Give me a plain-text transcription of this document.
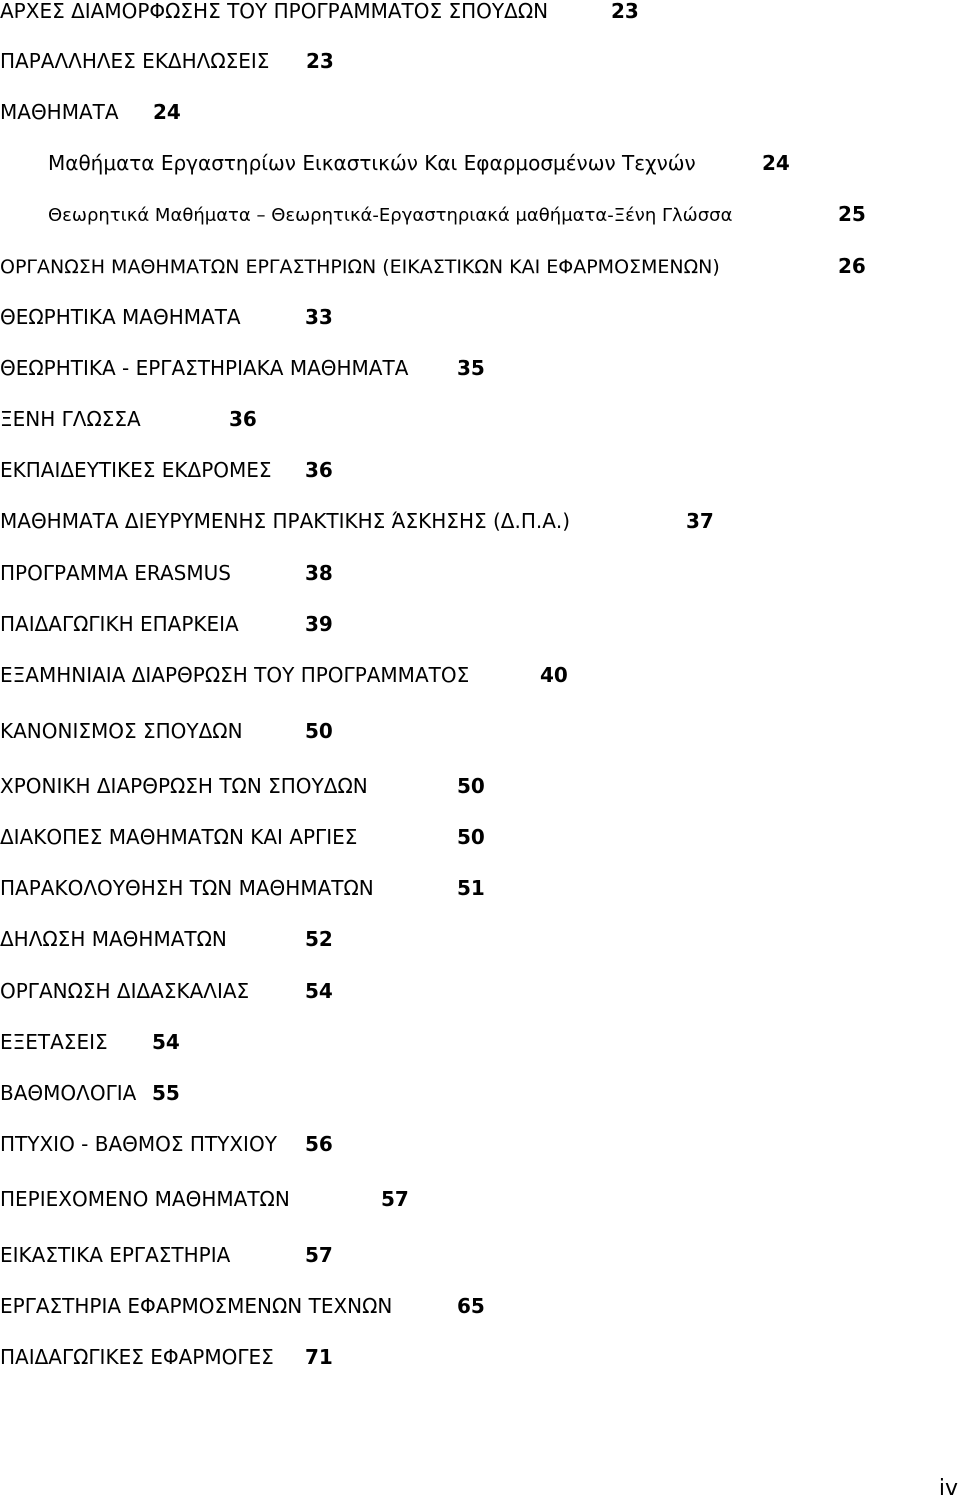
ΑΡΧΕΣ ΔΙΑΜΟΡΦΩΣΗΣ ΤΟΥ ΠΡΟΓΡΑΜΜΑΤΟΣ ΣΠΟΥΔΩΝ	23
ΠΑΡΑΛΛΗΛΕΣ ΕΚΔΗΛΩΣΕΙΣ 23
ΜΑΘΗΜΑΤΑ 24
Μαθήματα Εργαστηρίων Εικαστικών Και Εφαρμοσμένων Τεχνών	24
Θεωρητικά Μαθήματα – Θεωρητικά-Εργαστηριακά μαθήματα-Ξένη Γλώσσα	25
ΟΡΓΑΝΩΣΗ ΜΑΘΗΜΑΤΩΝ ΕΡΓΑΣΤΗΡΙΩΝ (ΕΙΚΑΣΤΙΚΩΝ ΚΑΙ ΕΦΑΡΜΟΣΜΕΝΩΝ)	26
ΘΕΩΡΗΤΙΚΑ ΜΑΘΗΜΑΤΑ	33
ΘΕΩΡΗΤΙΚΑ - ΕΡΓΑΣΤΗΡΙΑΚΑ ΜΑΘΗΜΑΤΑ 35
ΞΕΝΗ ΓΛΩΣΣΑ	36
ΕΚΠΑΙΔΕΥΤΙΚΕΣ ΕΚΔΡΟΜΕΣ 36
ΜΑΘΗΜΑΤΑ ΔΙΕΥΡΥΜΕΝΗΣ ΠΡΑΚΤΙΚΗΣ ΆΣΚΗΣΗΣ (Δ.Π.Α.)	37
ΠΡΟΓΡΑΜΜΑ ERASMUS	38
ΠΑΙΔΑΓΩΓΙΚΗ ΕΠΑΡΚΕΙΑ	39
ΕΞΑΜΗΝΙΑΙΑ ΔΙΑΡΘΡΩΣΗ ΤΟΥ ΠΡΟΓΡΑΜΜΑΤΟΣ	40
ΚΑΝΟΝΙΣΜΟΣ ΣΠΟΥΔΩΝ	50
ΧΡΟΝΙΚΗ ΔΙΑΡΘΡΩΣΗ ΤΩΝ ΣΠΟΥΔΩΝ	50
ΔΙΑΚΟΠΕΣ ΜΑΘΗΜΑΤΩΝ ΚΑΙ ΑΡΓΙΕΣ	50
ΠΑΡΑΚΟΛΟΥΘΗΣΗ ΤΩΝ ΜΑΘΗΜΑΤΩΝ	51
ΔΗΛΩΣΗ ΜΑΘΗΜΑΤΩΝ	52
ΟΡΓΑΝΩΣΗ ΔΙΔΑΣΚΑΛΙΑΣ	54
ΕΞΕΤΑΣΕΙΣ 54
ΒΑΘΜΟΛΟΓΙΑ 55
ΠΤΥΧΙΟ - ΒΑΘΜΟΣ ΠΤΥΧΙΟΥ 56
ΠΕΡΙΕΧΟΜΕΝΟ ΜΑΘΗΜΑΤΩΝ	57
ΕΙΚΑΣΤΙΚΑ ΕΡΓΑΣΤΗΡΙΑ	57
ΕΡΓΑΣΤΗΡΙΑ ΕΦΑΡΜΟΣΜΕΝΩΝ ΤΕΧΝΩΝ	65
ΠΑΙΔΑΓΩΓΙΚΕΣ ΕΦΑΡΜΟΓΕΣ 71
iv
